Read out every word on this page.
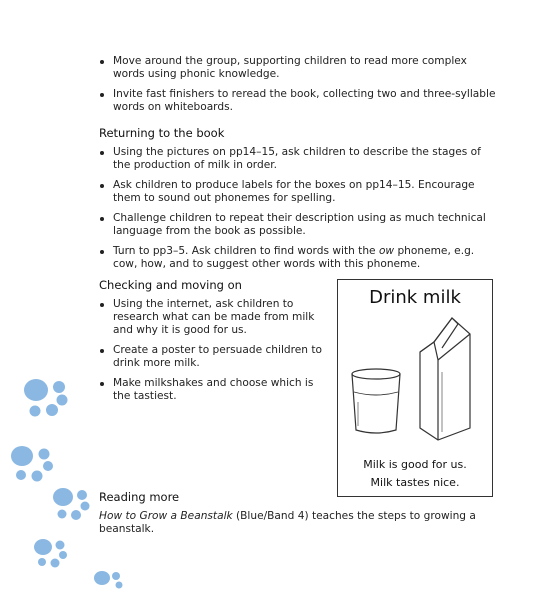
Move around the group, supporting children to read more complex words using phonic knowledge.
Invite fast finishers to reread the book, collecting two and three-syllable words on whiteboards.
Returning to the book
Using the pictures on pp14–15, ask children to describe the stages of the production of milk in order.
Ask children to produce labels for the boxes on pp14–15. Encourage them to sound out phonemes for spelling.
Challenge children to repeat their description using as much technical language from the book as possible.
Turn to pp3–5. Ask children to find words with the ow phoneme, e.g. cow, how, and to suggest other words with this phoneme.
Checking and moving on
Using the internet, ask children to research what can be made from milk and why it is good for us.
Create a poster to persuade children to drink more milk.
Make milkshakes and choose which is the tastiest.
Drink milk
Milk is good for us.
Milk tastes nice.
Reading more
How to Grow a Beanstalk (Blue/Band 4) teaches the steps to growing a beanstalk.
